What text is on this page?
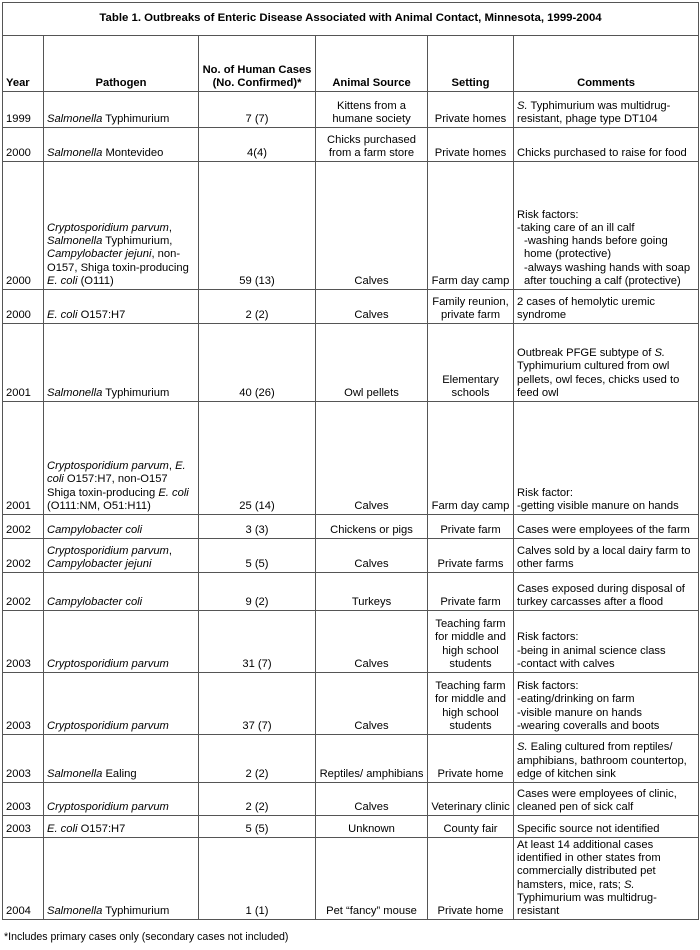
Table 1. Outbreaks of Enteric Disease Associated with Animal Contact, Minnesota, 1999-2004					
Year	Pathogen	No. of Human Cases (No. Confirmed)*	Animal Source	Setting	Comments
1999	Salmonella Typhimurium	7 (7)	Kittens from a humane society	Private homes	S. Typhimurium was multidrug-resistant, phage type DT104

2000	Salmonella Montevideo	4(4)	Chicks purchased from a farm store	Private homes	Chicks purchased to raise for food

2000	Cryptosporidium parvum, Salmonella Typhimurium, Campylobacter jejuni, non-O157, Shiga toxin-producing E. coli (O111)	59 (13)	Calves	Farm day camp	Risk factors:
-taking care of an ill calf
-washing hands before going home (protective)
-always washing hands with soap after touching a calf (protective)

2000	E. coli O157:H7	2 (2)	Calves	Family reunion, private farm	2 cases of hemolytic uremic syndrome

2001	Salmonella Typhimurium	40 (26)	Owl pellets	Elementary schools	Outbreak PFGE subtype of S. Typhimurium cultured from owl pellets, owl feces, chicks used to feed owl

2001	Cryptosporidium parvum, E. coli O157:H7, non-O157 Shiga toxin-producing E. coli (O111:NM, O51:H11)	25 (14)	Calves	Farm day camp	Risk factor:
-getting visible manure on hands

2002	Campylobacter coli	3 (3)	Chickens or pigs	Private farm	Cases were employees of the farm

2002	Cryptosporidium parvum, Campylobacter jejuni	5 (5)	Calves	Private farms	Calves sold by a local dairy farm to other farms

2002	Campylobacter coli	9 (2)	Turkeys	Private farm	Cases exposed during disposal of turkey carcasses after a flood

2003	Cryptosporidium parvum	31 (7)	Calves	Teaching farm for middle and high school students	Risk factors:
-being in animal science class
-contact with calves

2003	Cryptosporidium parvum	37 (7)	Calves	Teaching farm for middle and high school students	Risk factors:
-eating/drinking on farm
-visible manure on hands
-wearing coveralls and boots

2003	Salmonella Ealing	2 (2)	Reptiles/ amphibians	Private home	S. Ealing cultured from reptiles/ amphibians, bathroom countertop, edge of kitchen sink

2003	Cryptosporidium parvum	2 (2)	Calves	Veterinary clinic	Cases were employees of clinic, cleaned pen of sick calf

2003	E. coli O157:H7	5 (5)	Unknown	County fair	Specific source not identified

2004	Salmonella Typhimurium	1 (1)	Pet “fancy” mouse	Private home	At least 14 additional cases identified in other states from commercially distributed pet hamsters, mice, rats; S. Typhimurium was multidrug-resistant
*Includes primary cases only (secondary cases not included)
